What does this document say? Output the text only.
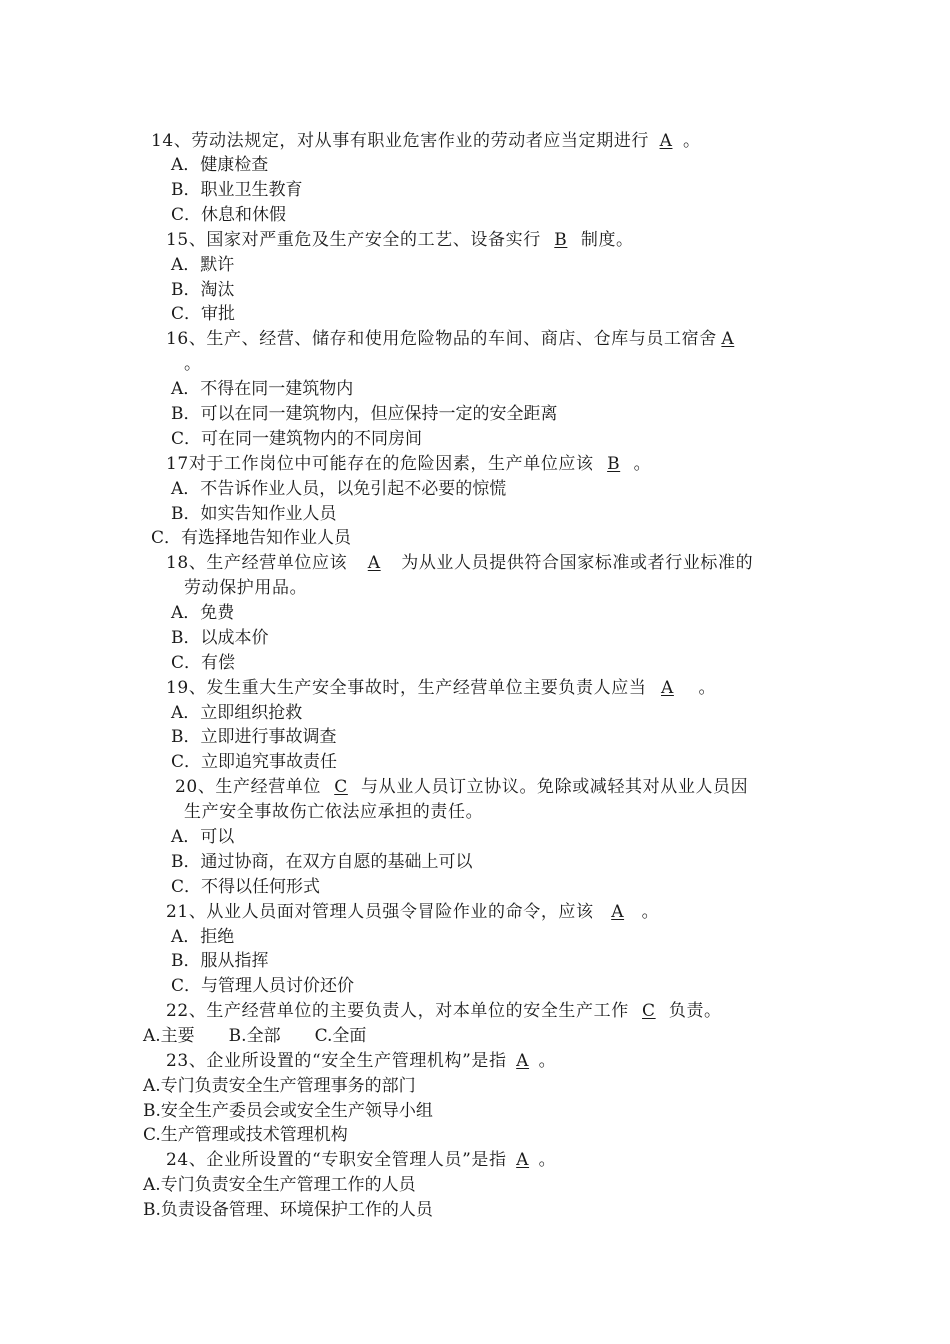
14、劳动法规定，对从事有职业危害作业的劳动者应当定期进行 A 。
A．健康检查
B．职业卫生教育
C．休息和休假
15、国家对严重危及生产安全的工艺、设备实行 B 制度。
A．默许
B．淘汰
C．审批
16、生产、经营、储存和使用危险物品的车间、商店、仓库与员工宿舍 A
。
A．不得在同一建筑物内
B．可以在同一建筑物内，但应保持一定的安全距离
C．可在同一建筑物内的不同房间
17对于工作岗位中可能存在的危险因素，生产单位应该 B 。
A．不告诉作业人员，以免引起不必要的惊慌
B．如实告知作业人员
C．有选择地告知作业人员
18、生产经营单位应该 A 为从业人员提供符合国家标准或者行业标准的
劳动保护用品。
A．免费
B．以成本价
C．有偿
19、发生重大生产安全事故时，生产经营单位主要负责人应当 A 。
A．立即组织抢救
B．立即进行事故调查
C．立即追究事故责任
20、生产经营单位 C 与从业人员订立协议。免除或减轻其对从业人员因
生产安全事故伤亡依法应承担的责任。
A．可以
B．通过协商，在双方自愿的基础上可以
C．不得以任何形式
21、从业人员面对管理人员强令冒险作业的命令，应该 A 。
A．拒绝
B．服从指挥
C．与管理人员讨价还价
22、生产经营单位的主要负责人，对本单位的安全生产工作 C 负责。
A.主要　　B.全部　　C.全面
23、企业所设置的“安全生产管理机构”是指 A 。
A.专门负责安全生产管理事务的部门
B.安全生产委员会或安全生产领导小组
C.生产管理或技术管理机构
24、企业所设置的“专职安全管理人员”是指 A 。
A.专门负责安全生产管理工作的人员
B.负责设备管理、环境保护工作的人员
